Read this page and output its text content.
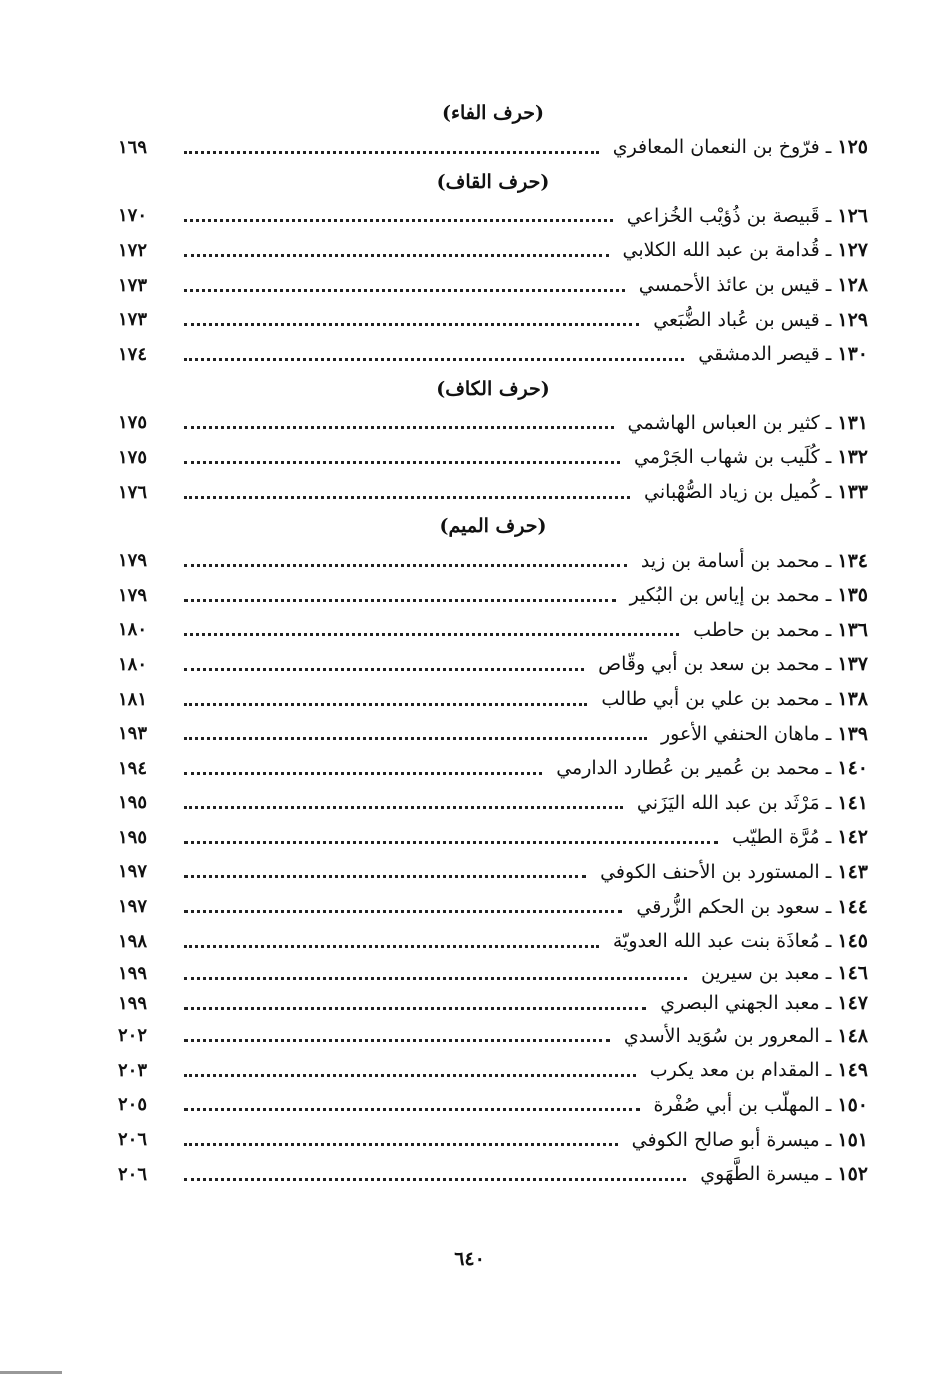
(حرف الفاء)
١٦٩	١٢٥ ـ فرّوخ بن النعمان المعافري
(حرف القاف)
١٧٠	١٢٦ ـ قَبيصة بن ذُؤيْب الخُزاعي
١٧٢	١٢٧ ـ قُدامة بن عبد الله الكلابي
١٧٣	١٢٨ ـ قيس بن عائذ الأحمسي
١٧٣	١٢٩ ـ قيس بن عُباد الضُّبَعي
١٧٤	١٣٠ ـ قيصر الدمشقي
(حرف الكاف)
١٧٥	١٣١ ـ كثير بن العباس الهاشمي
١٧٥	١٣٢ ـ كُلَيب بن شهاب الجَرْمي
١٧٦	١٣٣ ـ كُميل بن زياد الصُّهْباني
(حرف الميم)
١٧٩	١٣٤ ـ محمد بن أسامة بن زيد
١٧٩	١٣٥ ـ محمد بن إياس بن البُكير
١٨٠	١٣٦ ـ محمد بن حاطب
١٨٠	١٣٧ ـ محمد بن سعد بن أبي وقّاص
١٨١	١٣٨ ـ محمد بن علي بن أبي طالب
١٩٣	١٣٩ ـ ماهان الحنفي الأعور
١٩٤	١٤٠ ـ محمد بن عُمير بن عُطارد الدارمي
١٩٥	١٤١ ـ مَرْثَد بن عبد الله اليَزَني
١٩٥	١٤٢ ـ مُرَّة الطيّب
١٩٧	١٤٣ ـ المستورد بن الأحنف الكوفي
١٩٧	١٤٤ ـ سعود بن الحكم الزُّرقي
١٩٨	١٤٥ ـ مُعاذَة بنت عبد الله العدويّة
١٩٩	١٤٦ ـ معبد بن سيرين
١٩٩	١٤٧ ـ معبد الجهني البصري
٢٠٢	١٤٨ ـ المعرور بن سُوَيد الأسدي
٢٠٣	١٤٩ ـ المقدام بن معد يكرب
٢٠٥	١٥٠ ـ المهلّب بن أبي صُفْرة
٢٠٦	١٥١ ـ ميسرة أبو صالح الكوفي
٢٠٦	١٥٢ ـ ميسرة الطَّهَوي
٦٤٠
